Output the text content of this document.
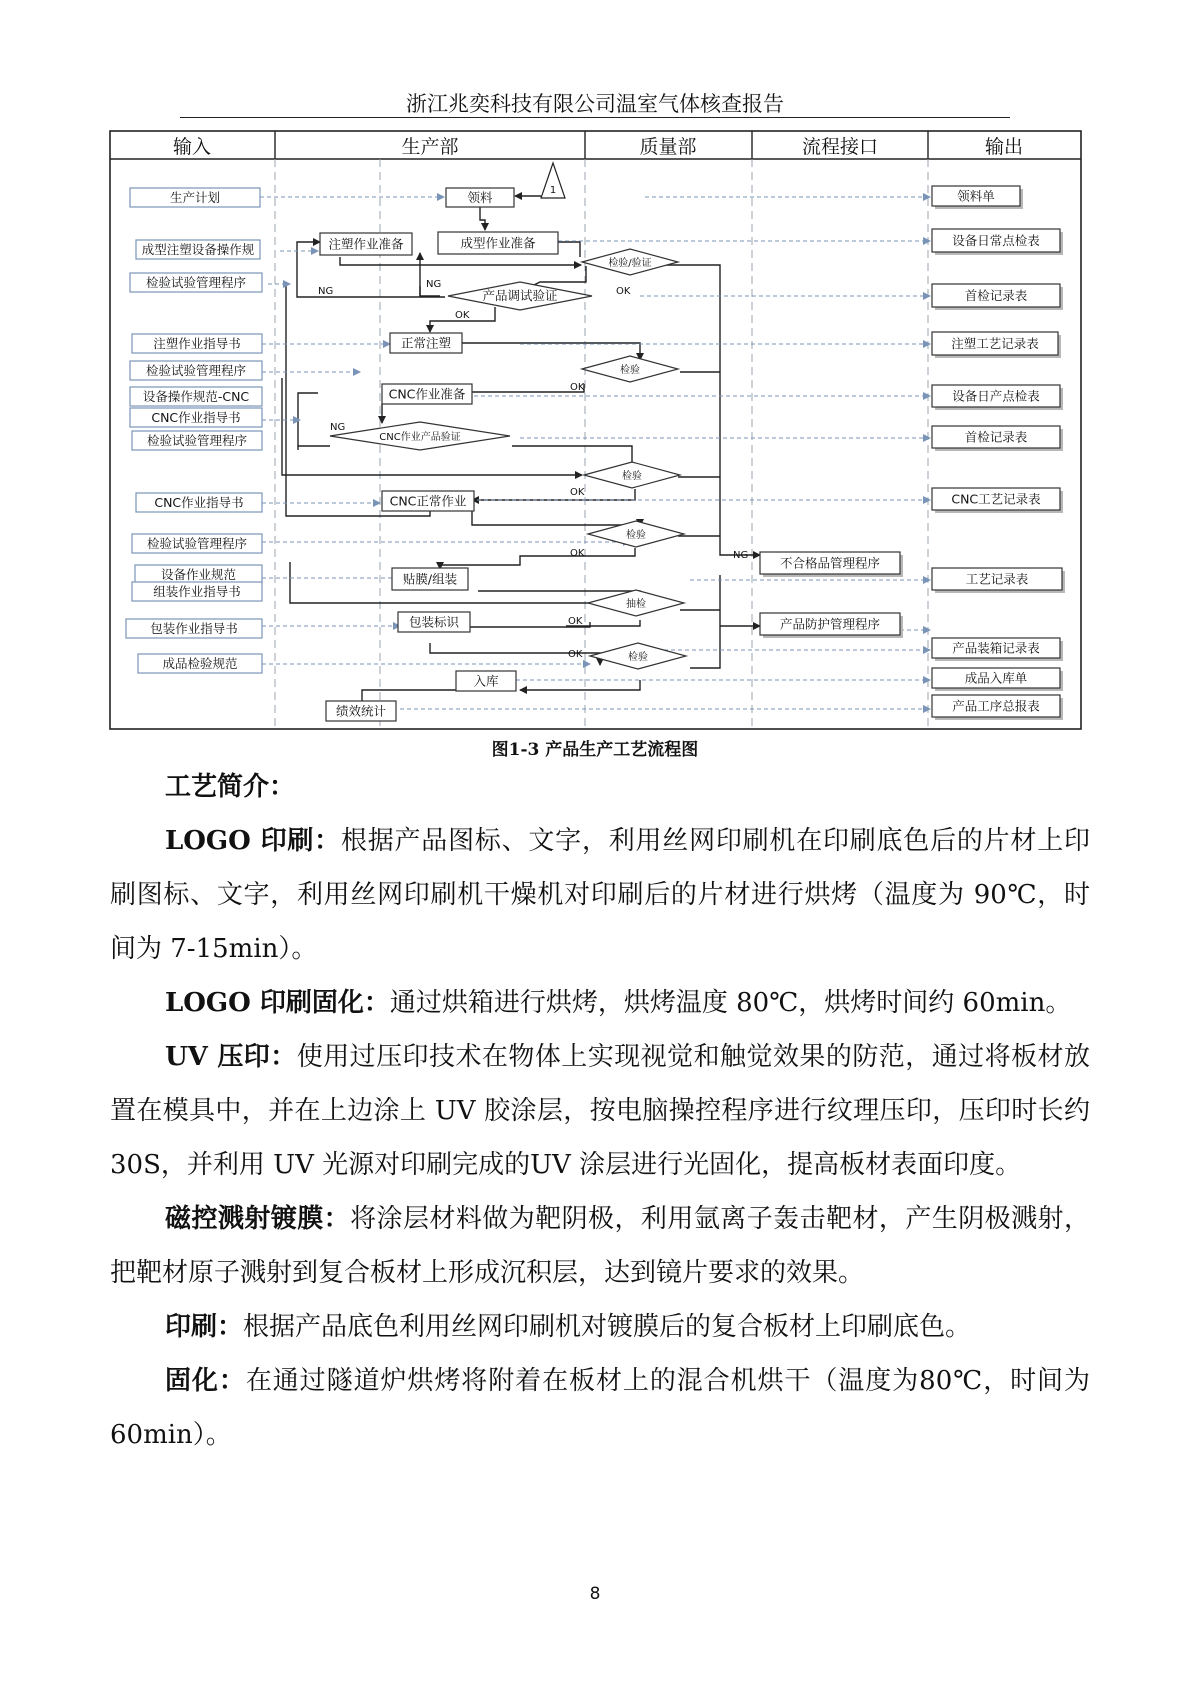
浙江兆奕科技有限公司温室气体核查报告
输入	生产部	质量部	流程接口	输出
1
OK
OK
OK
OK
OK
OK
OK
NG
NG
NG
NG
生产计划
成型注塑设备操作规
检验试验管理程序
注塑作业指导书
检验试验管理程序
设备操作规范-CNC
CNC作业指导书
检验试验管理程序
CNC作业指导书
检验试验管理程序
设备作业规范
组装作业指导书
包装作业指导书
成品检验规范
领料
注塑作业准备	成型作业准备
正常注塑
CNC作业准备
CNC正常作业
贴膜/组装
包装标识
入库
绩效统计
产品调试验证
CNC作业产品验证
检验/验证
检验
检验
检验
抽检
检验
不合格品管理程序
产品防护管理程序
领料单
设备日常点检表
首检记录表
注塑工艺记录表
设备日产点检表
首检记录表
CNC工艺记录表
工艺记录表
产品装箱记录表
成品入库单
产品工序总报表
图1-3 产品生产工艺流程图

工艺简介：

LOGO 印刷：根据产品图标、文字，利用丝网印刷机在印刷底色后的片材上印刷图标、文字，利用丝网印刷机干燥机对印刷后的片材进行烘烤（温度为 90℃，时间为 7-15min）。

LOGO 印刷固化：通过烘箱进行烘烤，烘烤温度 80℃，烘烤时间约 60min。

UV 压印：使用过压印技术在物体上实现视觉和触觉效果的防范，通过将板材放置在模具中，并在上边涂上 UV 胶涂层，按电脑操控程序进行纹理压印，压印时长约 30S，并利用 UV 光源对印刷完成的UV 涂层进行光固化，提高板材表面印度。

磁控溅射镀膜：将涂层材料做为靶阴极，利用氩离子轰击靶材，产生阴极溅射，把靶材原子溅射到复合板材上形成沉积层，达到镜片要求的效果。

印刷：根据产品底色利用丝网印刷机对镀膜后的复合板材上印刷底色。

固化：在通过隧道炉烘烤将附着在板材上的混合机烘干（温度为80℃，时间为 60min）。

8
